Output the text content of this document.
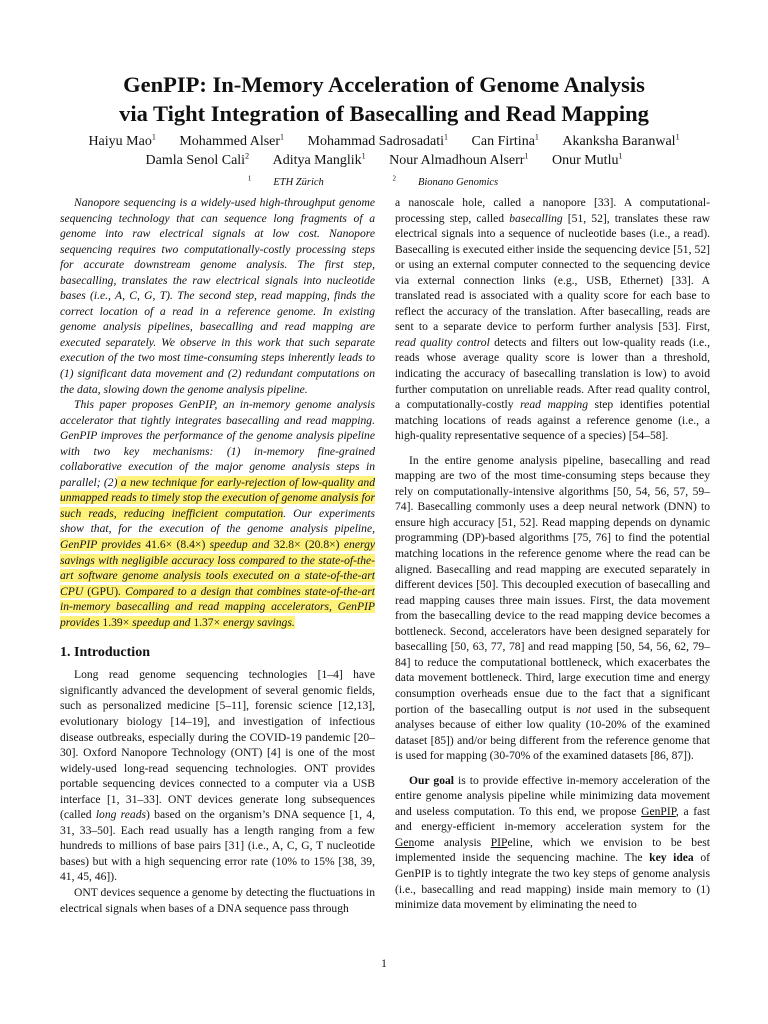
GenPIP: In-Memory Acceleration of Genome Analysis
via Tight Integration of Basecalling and Read Mapping
Haiyu Mao$^1$ Mohammed Alser$^1$ Mohammad Sadrosadati$^1$ Can Firtina$^1$ Akanksha Baranwal$^1$
Damla Senol Cali$^2$ Aditya Manglik$^1$ Nour Almadhoun Alserr$^1$ Onur Mutlu$^1$
$^1$ ETH Zürich	$^2$ Bionano Genomics

Nanopore sequencing is a widely-used high-throughput genome sequencing technology that can sequence long fragments of a genome into raw electrical signals at low cost. Nanopore sequencing requires two computationally-costly processing steps for accurate downstream genome analysis. The first step, basecalling, translates the raw electrical signals into nucleotide bases (i.e., A, C, G, T). The second step, read mapping, finds the correct location of a read in a reference genome. In existing genome analysis pipelines, basecalling and read mapping are executed separately. We observe in this work that such separate execution of the two most time-consuming steps inherently leads to (1) significant data movement and (2) redundant computations on the data, slowing down the genome analysis pipeline.

This paper proposes GenPIP, an in-memory genome analysis accelerator that tightly integrates basecalling and read mapping. GenPIP improves the performance of the genome analysis pipeline with two key mechanisms: (1) in-memory fine-grained collaborative execution of the major genome analysis steps in parallel; (2) a new technique for early-rejection of low-quality and unmapped reads to timely stop the execution of genome analysis for such reads, reducing inefficient computation. Our experiments show that, for the execution of the genome analysis pipeline, GenPIP provides 41.6× (8.4×) speedup and 32.8× (20.8×) energy savings with negligible accuracy loss compared to the state-of-the-art software genome analysis tools executed on a state-of-the-art CPU (GPU). Compared to a design that combines state-of-the-art in-memory basecalling and read mapping accelerators, GenPIP provides 1.39× speedup and 1.37× energy savings.

1. Introduction

Long read genome sequencing technologies [1–4] have significantly advanced the development of several genomic fields, such as personalized medicine [5–11], forensic science [12,13], evolutionary biology [14–19], and investigation of infectious disease outbreaks, especially during the COVID-19 pandemic [20–30]. Oxford Nanopore Technology (ONT) [4] is one of the most widely-used long-read sequencing technologies. ONT provides portable sequencing devices connected to a computer via a USB interface [1, 31–33]. ONT devices generate long subsequences (called long reads) based on the organism’s DNA sequence [1, 4, 31, 33–50]. Each read usually has a length ranging from a few hundreds to millions of base pairs [31] (i.e., A, C, G, T nucleotide bases) but with a high sequencing error rate (10% to 15% [38, 39, 41, 45, 46]).

ONT devices sequence a genome by detecting the fluctuations in electrical signals when bases of a DNA sequence pass through

a nanoscale hole, called a nanopore [33]. A computational-processing step, called basecalling [51, 52], translates these raw electrical signals into a sequence of nucleotide bases (i.e., a read). Basecalling is executed either inside the sequencing device [51, 52] or using an external computer connected to the sequencing device via external connection links (e.g., USB, Ethernet) [33]. A translated read is associated with a quality score for each base to reflect the accuracy of the translation. After basecalling, reads are sent to a separate device to perform further analysis [53]. First, read quality control detects and filters out low-quality reads (i.e., reads whose average quality score is lower than a threshold, indicating the accuracy of basecalling translation is low) to avoid further computation on unreliable reads. After read quality control, a computationally-costly read mapping step identifies potential matching locations of reads against a reference genome (i.e., a high-quality representative sequence of a species) [54–58].

In the entire genome analysis pipeline, basecalling and read mapping are two of the most time-consuming steps because they rely on computationally-intensive algorithms [50, 54, 56, 57, 59–74]. Basecalling commonly uses a deep neural network (DNN) to ensure high accuracy [51, 52]. Read mapping depends on dynamic programming (DP)-based algorithms [75, 76] to find the potential matching locations in the reference genome where the read can be aligned. Basecalling and read mapping are executed separately in different devices [50]. This decoupled execution of basecalling and read mapping causes three main issues. First, the data movement from the basecalling device to the read mapping device becomes a bottleneck. Second, accelerators have been designed separately for basecalling [50, 63, 77, 78] and read mapping [50, 54, 56, 62, 79–84] to reduce the computational bottleneck, which exacerbates the data movement bottleneck. Third, large execution time and energy consumption overheads ensue due to the fact that a significant portion of the basecalling output is not used in the subsequent analyses because of either low quality (10-20% of the examined dataset [85]) and/or being different from the reference genome that is used for mapping (30-70% of the examined datasets [86, 87]).

Our goal is to provide effective in-memory acceleration of the entire genome analysis pipeline while minimizing data movement and useless computation. To this end, we propose GenPIP, a fast and energy-efficient in-memory acceleration system for the Genome analysis PIPeline, which we envision to be best implemented inside the sequencing machine. The key idea of GenPIP is to tightly integrate the two key steps of genome analysis (i.e., basecalling and read mapping) inside main memory to (1) minimize data movement by eliminating the need to

1
